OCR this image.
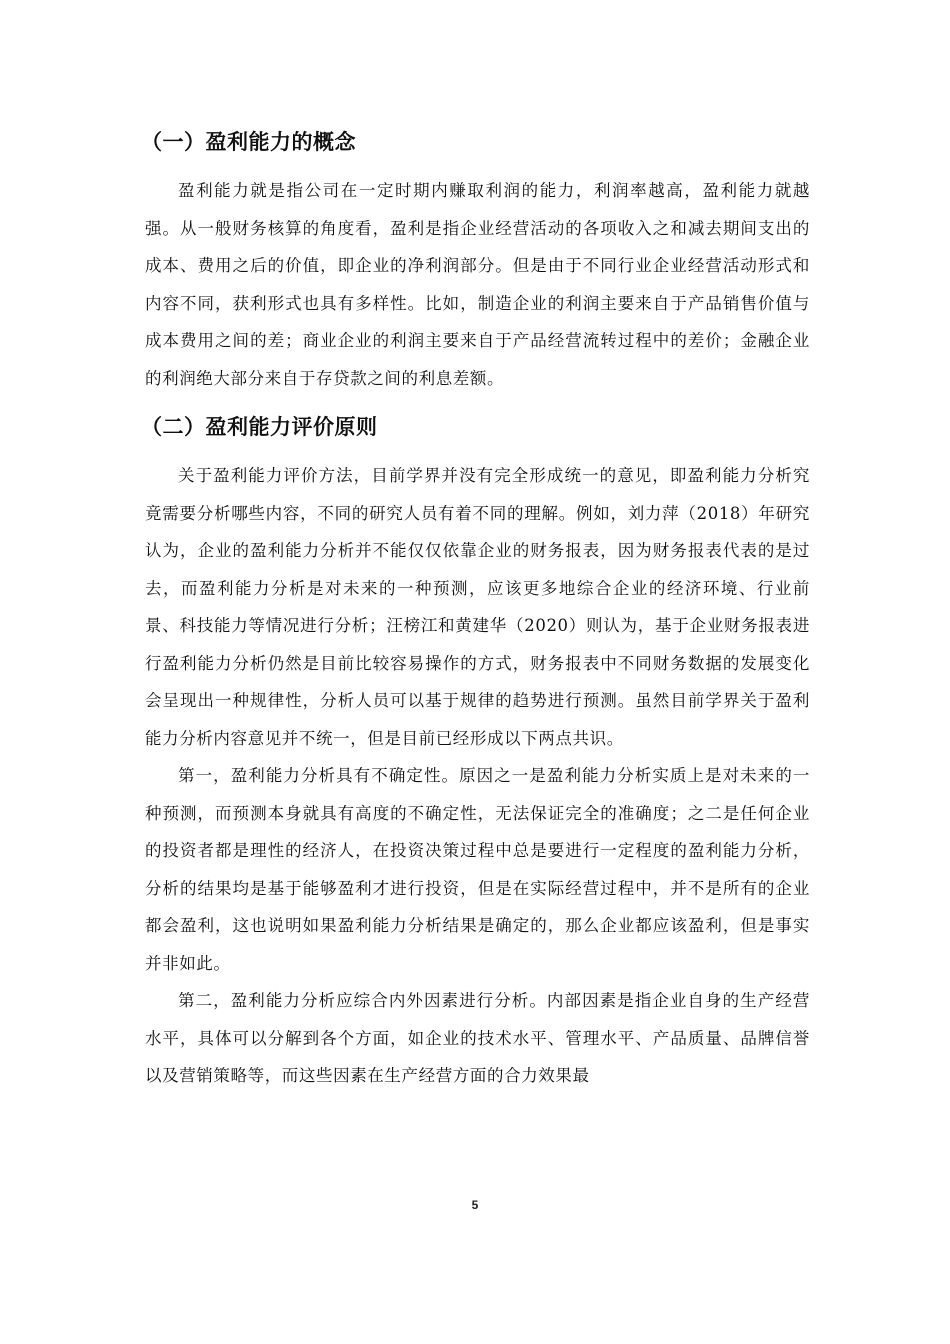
（一）盈利能力的概念

盈利能力就是指公司在一定时期内赚取利润的能力，利润率越高，盈利能力就越强。从一般财务核算的角度看，盈利是指企业经营活动的各项收入之和减去期间支出的成本、费用之后的价值，即企业的净利润部分。但是由于不同行业企业经营活动形式和内容不同，获利形式也具有多样性。比如，制造企业的利润主要来自于产品销售价值与成本费用之间的差；商业企业的利润主要来自于产品经营流转过程中的差价；金融企业的利润绝大部分来自于存贷款之间的利息差额。

（二）盈利能力评价原则

关于盈利能力评价方法，目前学界并没有完全形成统一的意见，即盈利能力分析究竟需要分析哪些内容，不同的研究人员有着不同的理解。例如，刘力萍（2018）年研究认为，企业的盈利能力分析并不能仅仅依靠企业的财务报表，因为财务报表代表的是过去，而盈利能力分析是对未来的一种预测，应该更多地综合企业的经济环境、行业前景、科技能力等情况进行分析；汪榜江和黄建华（2020）则认为，基于企业财务报表进行盈利能力分析仍然是目前比较容易操作的方式，财务报表中不同财务数据的发展变化会呈现出一种规律性，分析人员可以基于规律的趋势进行预测。虽然目前学界关于盈利能力分析内容意见并不统一，但是目前已经形成以下两点共识。

第一，盈利能力分析具有不确定性。原因之一是盈利能力分析实质上是对未来的一种预测，而预测本身就具有高度的不确定性，无法保证完全的准确度；之二是任何企业的投资者都是理性的经济人，在投资决策过程中总是要进行一定程度的盈利能力分析，分析的结果均是基于能够盈利才进行投资，但是在实际经营过程中，并不是所有的企业都会盈利，这也说明如果盈利能力分析结果是确定的，那么企业都应该盈利，但是事实并非如此。

第二，盈利能力分析应综合内外因素进行分析。内部因素是指企业自身的生产经营水平，具体可以分解到各个方面，如企业的技术水平、管理水平、产品质量、品牌信誉以及营销策略等，而这些因素在生产经营方面的合力效果最

5
